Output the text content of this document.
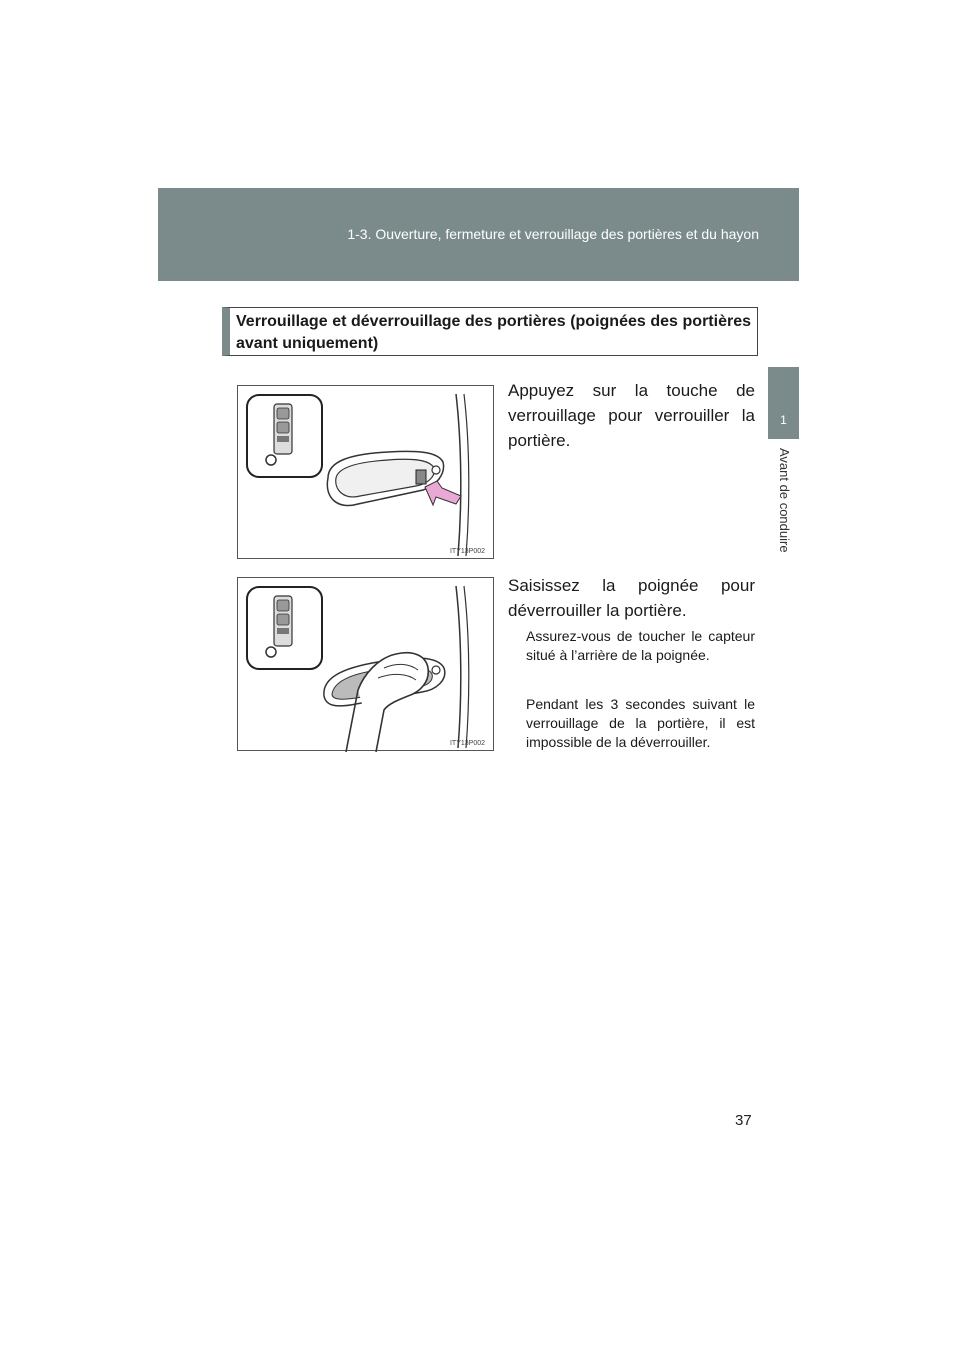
1-3. Ouverture, fermeture et verrouillage des portières et du hayon
1
Avant de conduire

Verrouillage et déverrouillage des portières (poignées des portières avant uniquement)

ITY13P002
ITY13P002

Appuyez sur la touche de verrouillage pour verrouiller la portière.

Saisissez la poignée pour déverrouiller la portière.

Assurez-vous de toucher le capteur situé à l’arrière de la poignée.

Pendant les 3 secondes suivant le verrouillage de la portière, il est impossible de la déverrouiller.

37
